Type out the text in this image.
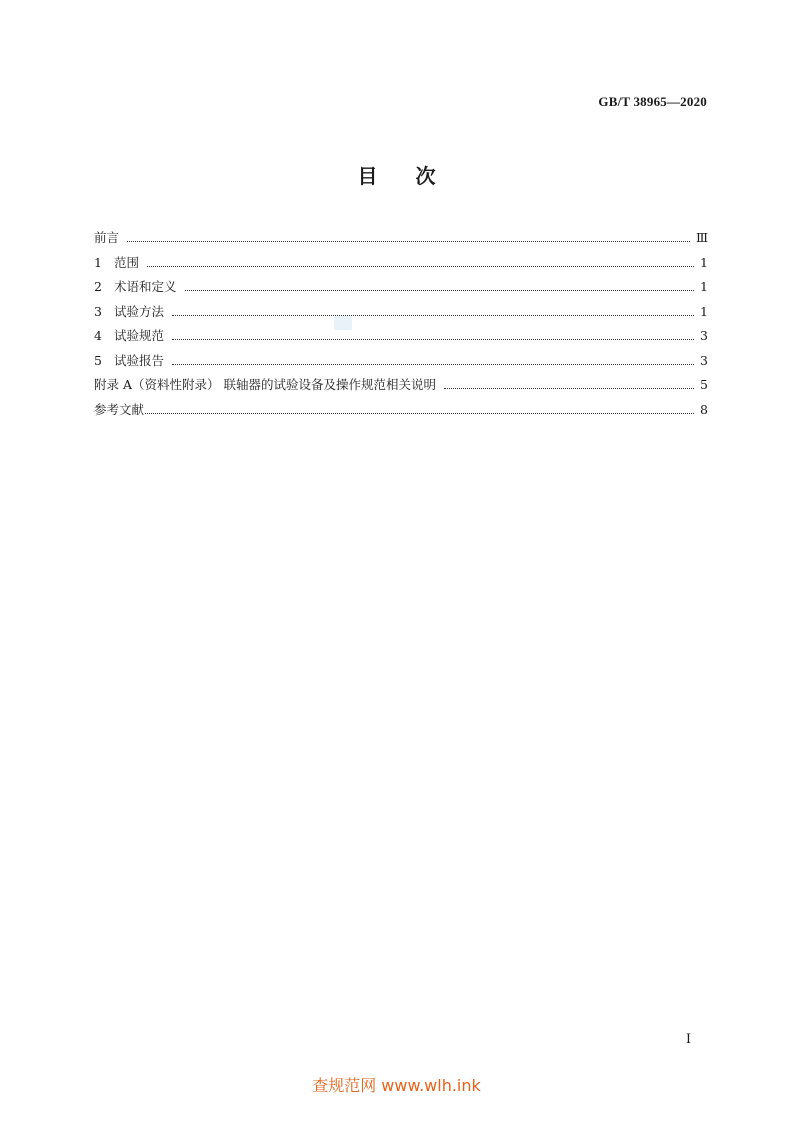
GB/T 38965—2020
目次
前言	Ⅲ
1 范围	1
2 术语和定义	1
3 试验方法	1
4 试验规范	3
5 试验报告	3
附录 A（资料性附录） 联轴器的试验设备及操作规范相关说明	5
参考文献	8
I
查规范网 www.wlh.ink
